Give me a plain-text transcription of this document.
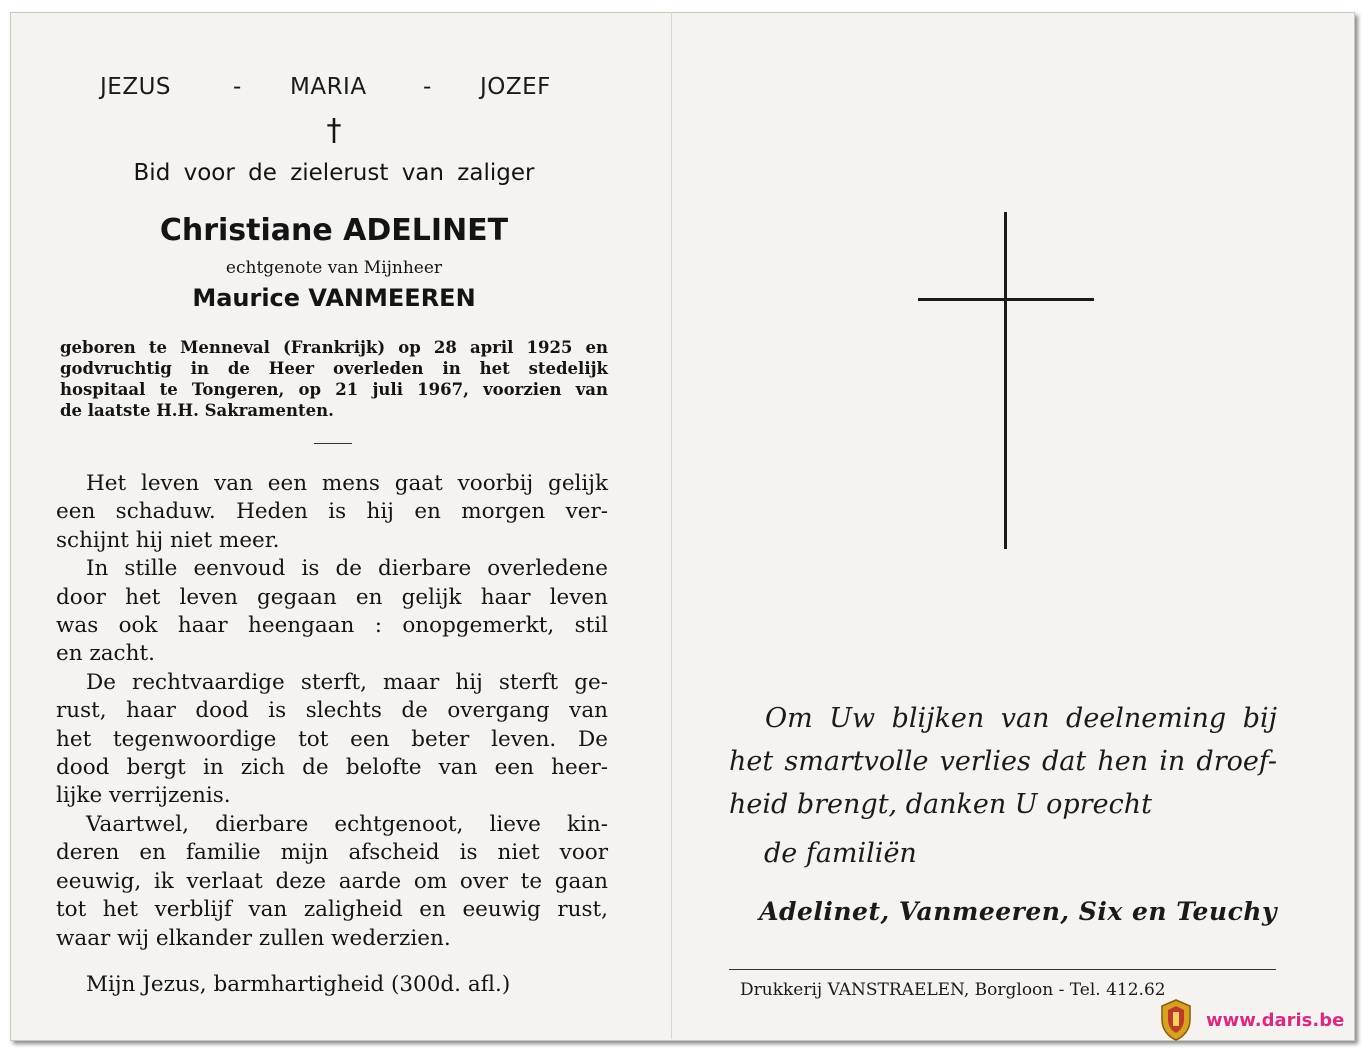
JEZUS	- MARIA - JOZEF
†
Bid voor de zielerust van zaliger
Christiane ADELINET
echtgenote van Mijnheer
Maurice VANMEEREN
geboren te Menneval (Frankrijk) op 28 april 1925 en
godvruchtig in de Heer overleden in het stedelijk
hospitaal te Tongeren, op 21 juli 1967, voorzien van
de laatste H.H. Sakramenten.
Het leven van een mens gaat voorbij gelijk
een schaduw. Heden is hij en morgen ver-
schijnt hij niet meer.
In stille eenvoud is de dierbare overledene
door het leven gegaan en gelijk haar leven
was ook haar heengaan : onopgemerkt, stil
en zacht.
De rechtvaardige sterft, maar hij sterft ge-
rust, haar dood is slechts de overgang van
het tegenwoordige tot een beter leven. De
dood bergt in zich de belofte van een heer-
lijke verrijzenis.
Vaartwel, dierbare echtgenoot, lieve kin-
deren en familie mijn afscheid is niet voor
eeuwig, ik verlaat deze aarde om over te gaan
tot het verblijf van zaligheid en eeuwig rust,
waar wij elkander zullen wederzien.
Mijn Jezus, barmhartigheid (300d. afl.)
Om Uw blijken van deelneming bij
het smartvolle verlies dat hen in droef-
heid brengt, danken U oprecht
de familiën
Adelinet, Vanmeeren, Six en Teuchy
Drukkerij VANSTRAELEN, Borgloon - Tel. 412.62
www.daris.be
